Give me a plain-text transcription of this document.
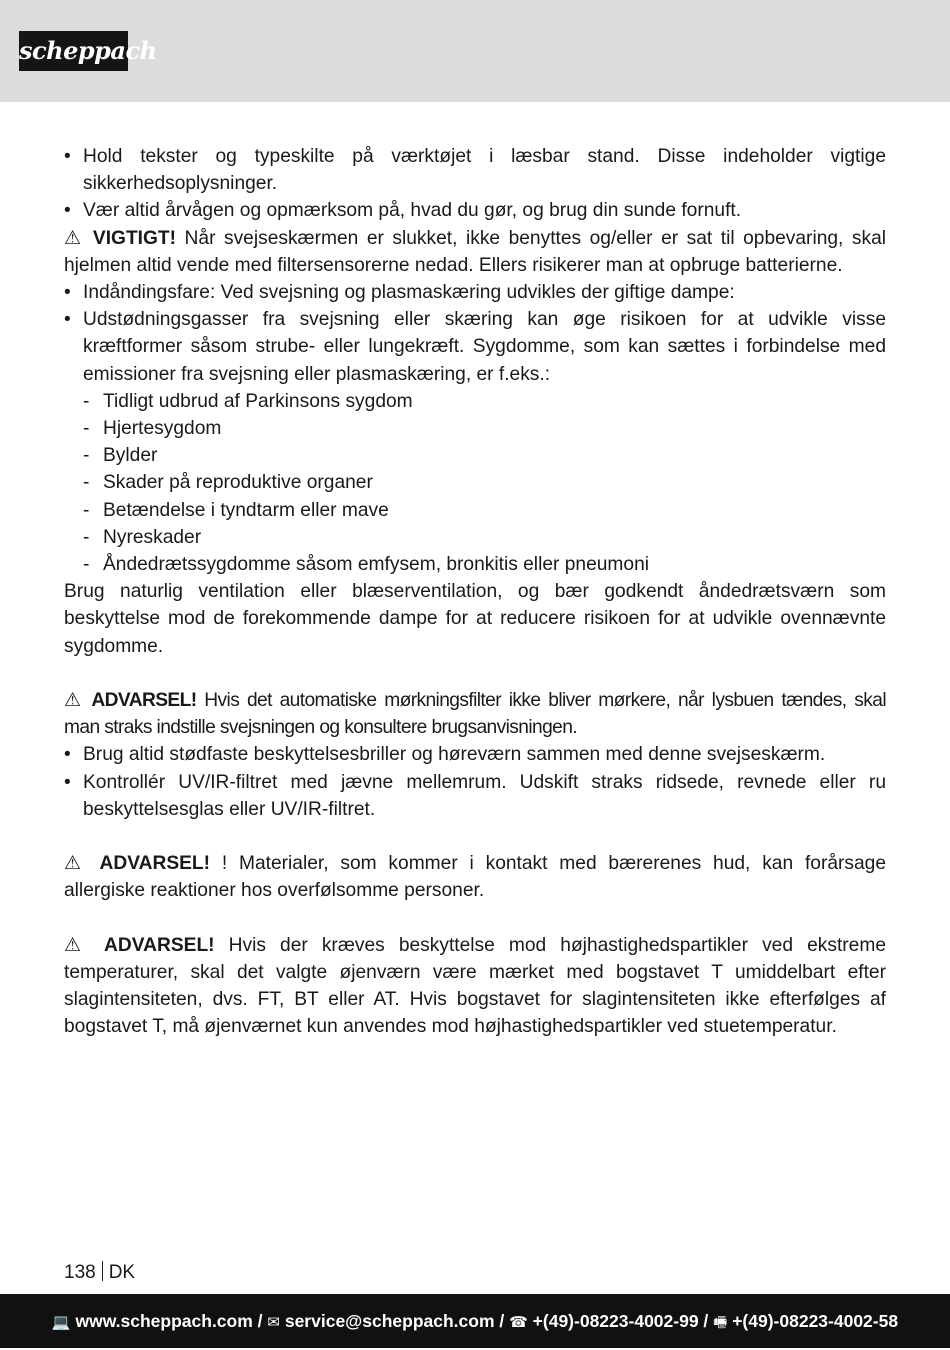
scheppach
• Hold tekster og typeskilte på værktøjet i læsbar stand. Disse indeholder vigtige sikkerhedsoplysninger.
• Vær altid årvågen og opmærksom på, hvad du gør, og brug din sunde fornuft.

⚠ VIGTIGT! Når svejseskærmen er slukket, ikke benyttes og/eller er sat til opbevaring, skal hjelmen altid vende med filtersensorerne nedad. Ellers risikerer man at opbruge batterierne.

• Indåndingsfare: Ved svejsning og plasmaskæring udvikles der giftige dampe:
• Udstødningsgasser fra svejsning eller skæring kan øge risikoen for at udvikle visse kræftformer såsom strube- eller lungekræft. Sygdomme, som kan sættes i forbindelse med emissioner fra svejsning eller plasmaskæring, er f.eks.:
- Tidligt udbrud af Parkinsons sygdom
- Hjertesygdom
- Bylder
- Skader på reproduktive organer
- Betændelse i tyndtarm eller mave
- Nyreskader
- Åndedrætssygdomme såsom emfysem, bronkitis eller pneumoni

Brug naturlig ventilation eller blæserventilation, og bær godkendt åndedrætsværn som beskyttelse mod de forekommende dampe for at reducere risikoen for at udvikle ovennævnte sygdomme.

⚠ ADVARSEL! Hvis det automatiske mørkningsfilter ikke bliver mørkere, når lysbuen tændes, skal man straks indstille svejsningen og konsultere brugsanvisningen.

• Brug altid stødfaste beskyttelsesbriller og høreværn sammen med denne svejseskærm.
• Kontrollér UV/IR-filtret med jævne mellemrum. Udskift straks ridsede, revnede eller ru beskyttelsesglas eller UV/IR-filtret.

⚠ ADVARSEL! ! Materialer, som kommer i kontakt med bærerenes hud, kan forårsage allergiske reaktioner hos overfølsomme personer.

⚠ ADVARSEL! Hvis der kræves beskyttelse mod højhastighedspartikler ved ekstreme temperaturer, skal det valgte øjenværn være mærket med bogstavet T umiddelbart efter slagintensiteten, dvs. FT, BT eller AT. Hvis bogstavet for slagintensiteten ikke efterfølges af bogstavet T, må øjenværnet kun anvendes mod højhastighedspartikler ved stuetemperatur.

138 DK
💻 www.scheppach.com / ✉ service@scheppach.com / ☎ +(49)-08223-4002-99 / 🖷 +(49)-08223-4002-58
